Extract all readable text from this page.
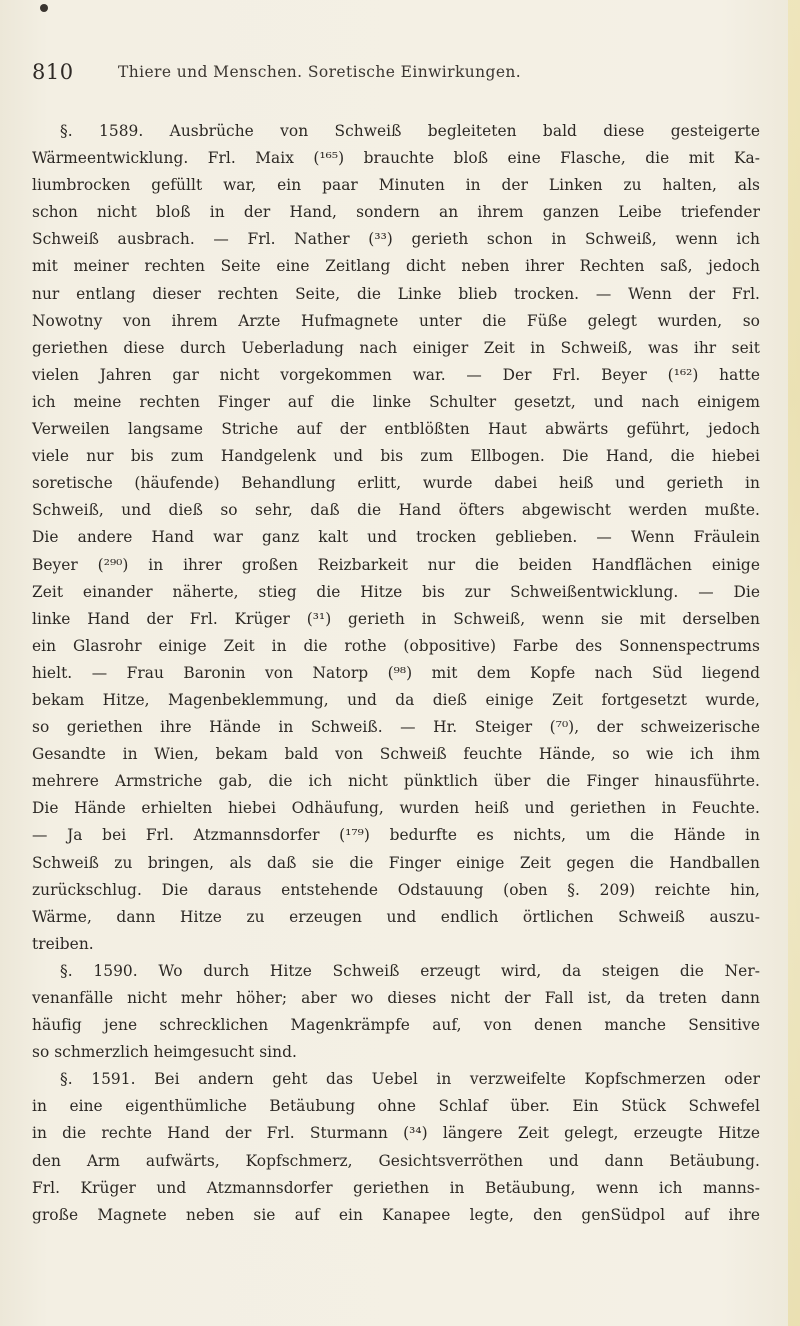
810	Thiere und Menschen. Soretische Einwirkungen.
§. 1589. Ausbrüche von Schweiß begleiteten bald diese gesteigerte
Wärmeentwicklung. Frl. Maix (¹⁶⁵) brauchte bloß eine Flasche, die mit Ka-
liumbrocken gefüllt war, ein paar Minuten in der Linken zu halten, als
schon nicht bloß in der Hand, sondern an ihrem ganzen Leibe triefender
Schweiß ausbrach. — Frl. Nather (³³) gerieth schon in Schweiß, wenn ich
mit meiner rechten Seite eine Zeitlang dicht neben ihrer Rechten saß, jedoch
nur entlang dieser rechten Seite, die Linke blieb trocken. — Wenn der Frl.
Nowotny von ihrem Arzte Hufmagnete unter die Füße gelegt wurden, so
geriethen diese durch Ueberladung nach einiger Zeit in Schweiß, was ihr seit
vielen Jahren gar nicht vorgekommen war. — Der Frl. Beyer (¹⁶²) hatte
ich meine rechten Finger auf die linke Schulter gesetzt, und nach einigem
Verweilen langsame Striche auf der entblößten Haut abwärts geführt, jedoch
viele nur bis zum Handgelenk und bis zum Ellbogen. Die Hand, die hiebei
soretische (häufende) Behandlung erlitt, wurde dabei heiß und gerieth in
Schweiß, und dieß so sehr, daß die Hand öfters abgewischt werden mußte.
Die andere Hand war ganz kalt und trocken geblieben. — Wenn Fräulein
Beyer (²⁹⁰) in ihrer großen Reizbarkeit nur die beiden Handflächen einige
Zeit einander näherte, stieg die Hitze bis zur Schweißentwicklung. — Die
linke Hand der Frl. Krüger (³¹) gerieth in Schweiß, wenn sie mit derselben
ein Glasrohr einige Zeit in die rothe (obpositive) Farbe des Sonnenspectrums
hielt. — Frau Baronin von Natorp (⁹⁸) mit dem Kopfe nach Süd liegend
bekam Hitze, Magenbeklemmung, und da dieß einige Zeit fortgesetzt wurde,
so geriethen ihre Hände in Schweiß. — Hr. Steiger (⁷⁰), der schweizerische
Gesandte in Wien, bekam bald von Schweiß feuchte Hände, so wie ich ihm
mehrere Armstriche gab, die ich nicht pünktlich über die Finger hinausführte.
Die Hände erhielten hiebei Odhäufung, wurden heiß und geriethen in Feuchte.
— Ja bei Frl. Atzmannsdorfer (¹⁷⁹) bedurfte es nichts, um die Hände in
Schweiß zu bringen, als daß sie die Finger einige Zeit gegen die Handballen
zurückschlug. Die daraus entstehende Odstauung (oben §. 209) reichte hin,
Wärme, dann Hitze zu erzeugen und endlich örtlichen Schweiß auszu-
treiben.
§. 1590. Wo durch Hitze Schweiß erzeugt wird, da steigen die Ner-
venanfälle nicht mehr höher; aber wo dieses nicht der Fall ist, da treten dann
häufig jene schrecklichen Magenkrämpfe auf, von denen manche Sensitive
so schmerzlich heimgesucht sind.
§. 1591. Bei andern geht das Uebel in verzweifelte Kopfschmerzen oder
in eine eigenthümliche Betäubung ohne Schlaf über. Ein Stück Schwefel
in die rechte Hand der Frl. Sturmann (³⁴) längere Zeit gelegt, erzeugte Hitze
den Arm aufwärts, Kopfschmerz, Gesichtsverröthen und dann Betäubung.
Frl. Krüger und Atzmannsdorfer geriethen in Betäubung, wenn ich manns-
große Magnete neben sie auf ein Kanapee legte, den genSüdpol auf ihre
